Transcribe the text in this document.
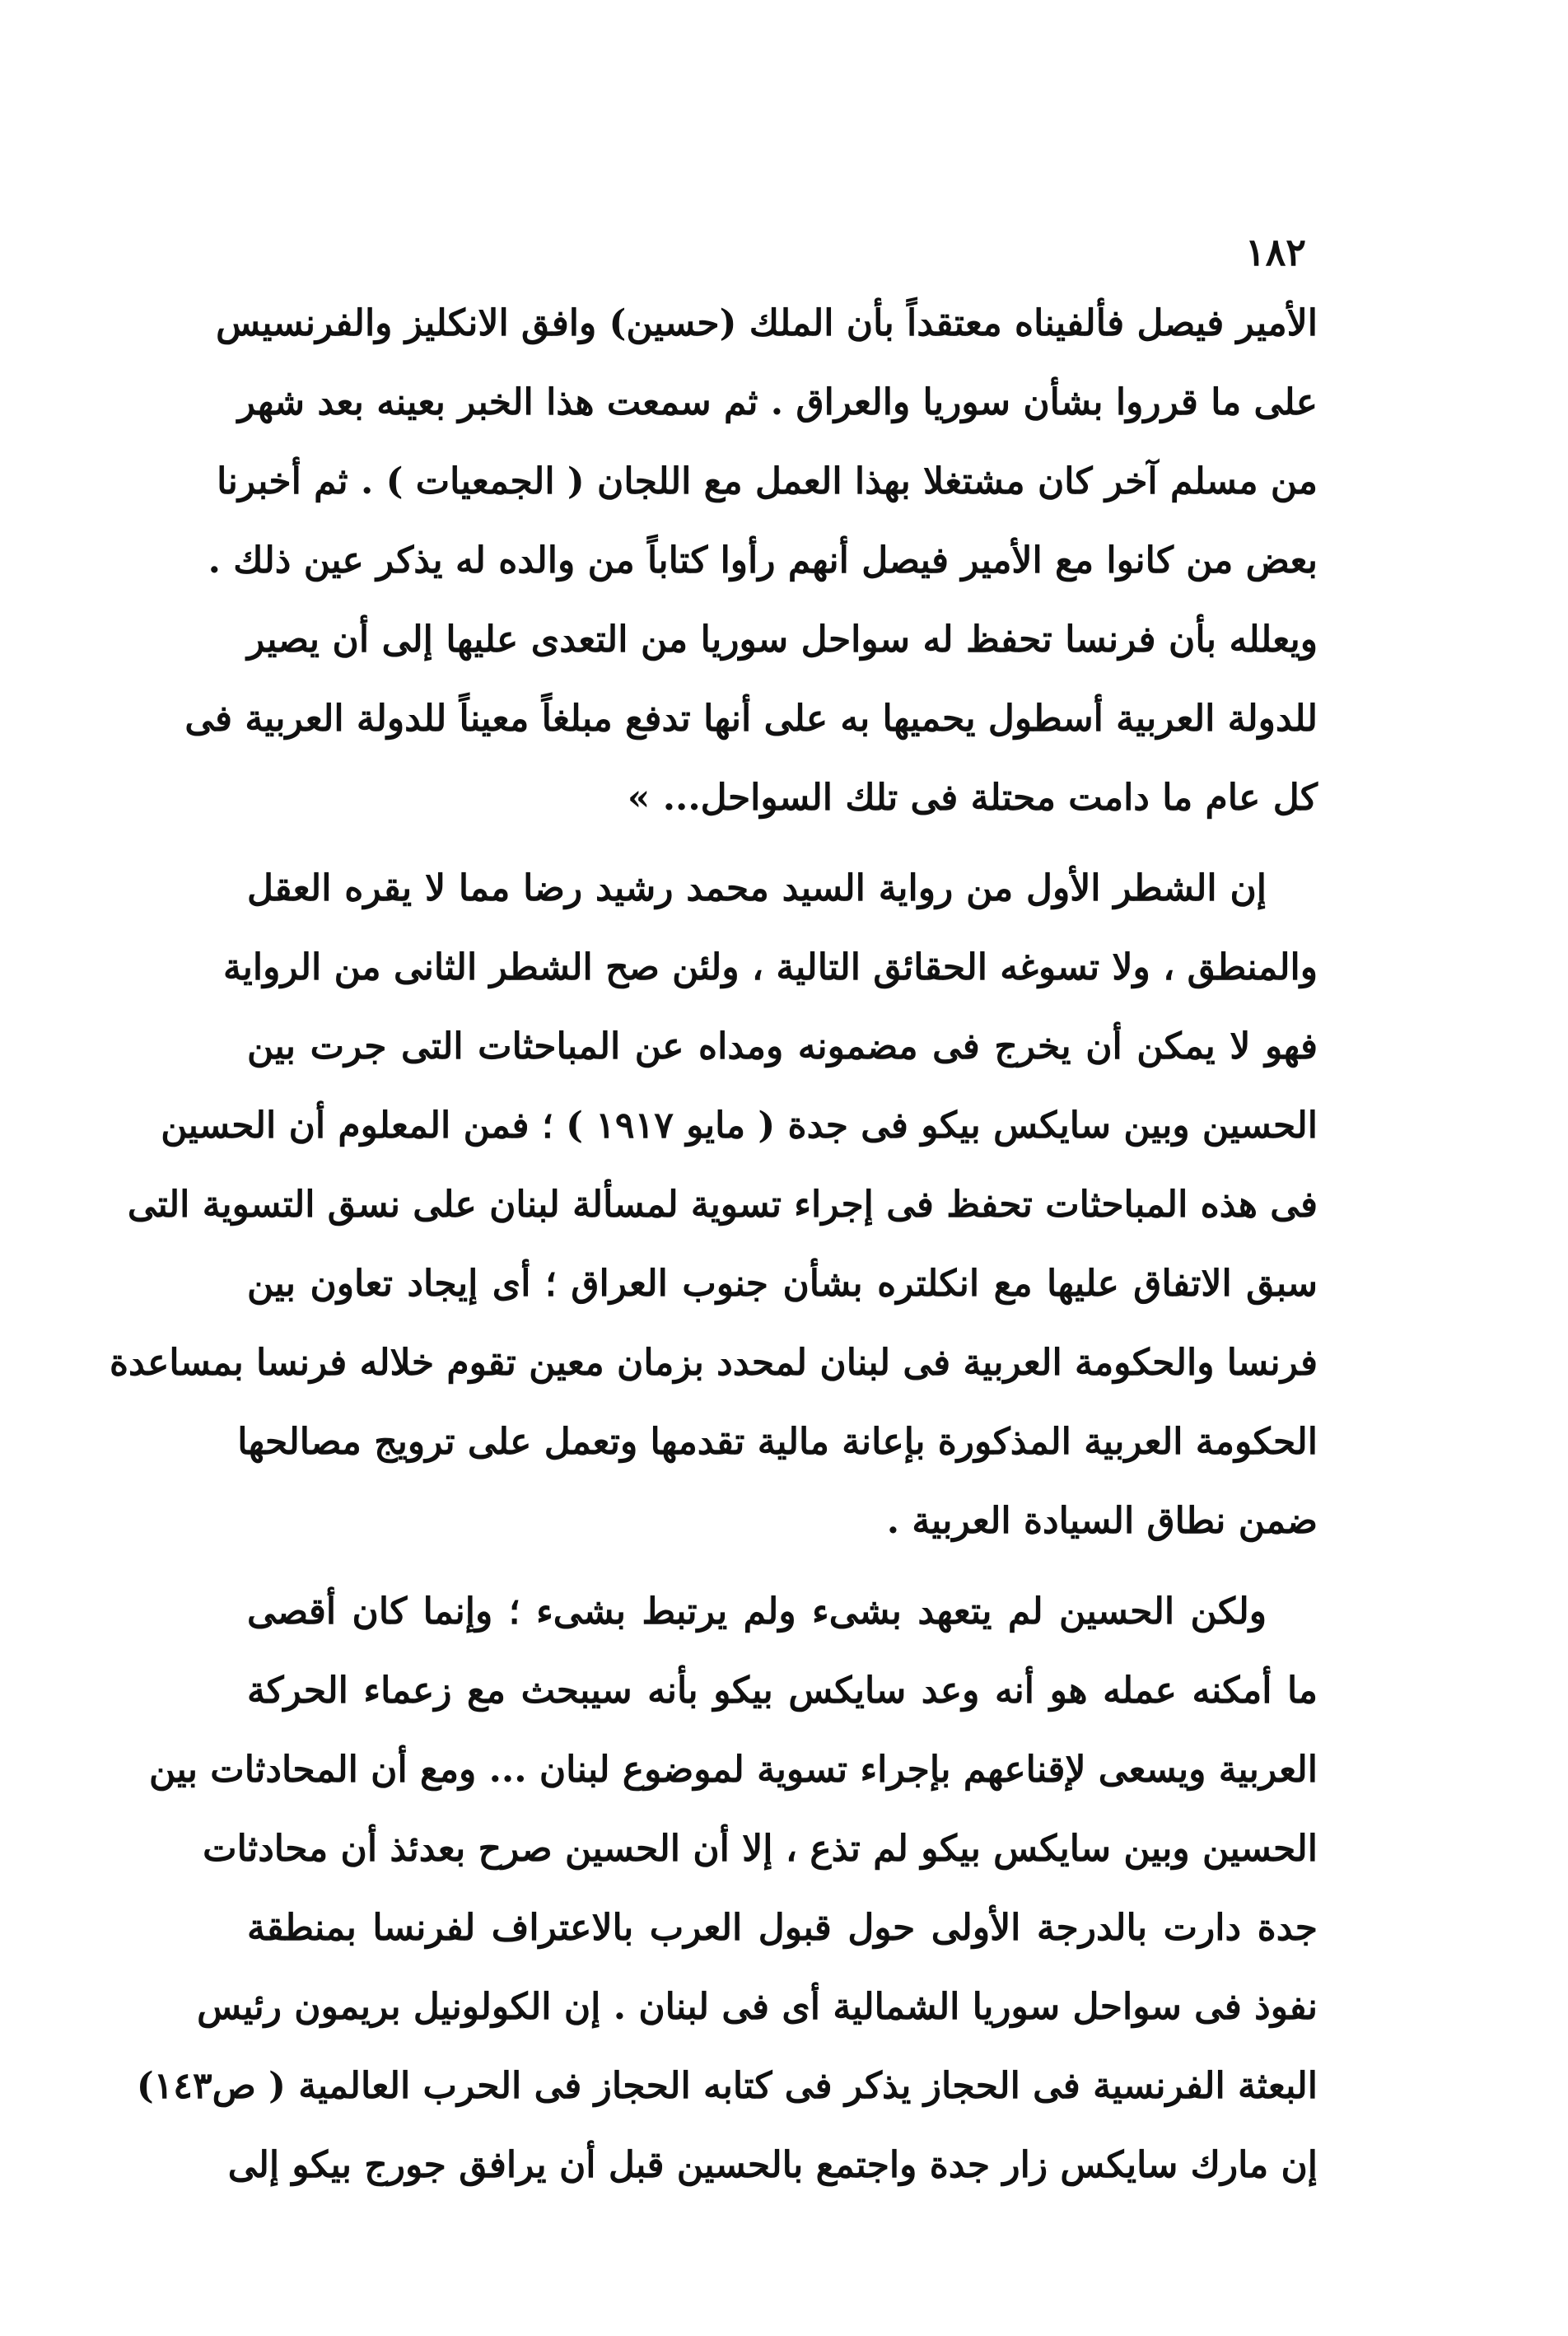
١٨٢
الأمير فيصل فألفيناه معتقداً بأن الملك (حسين) وافق الانكليز والفرنسيس
على ما قرروا بشأن سوريا والعراق . ثم سمعت هذا الخبر بعينه بعد شهر
من مسلم آخر كان مشتغلا بهذا العمل مع اللجان ( الجمعيات ) . ثم أخبرنا
بعض من كانوا مع الأمير فيصل أنهم رأوا كتاباً من والده له يذكر عين ذلك .
ويعلله بأن فرنسا تحفظ له سواحل سوريا من التعدى عليها إلى أن يصير
للدولة العربية أسطول يحميها به على أنها تدفع مبلغاً معيناً للدولة العربية فى
كل عام ما دامت محتلة فى تلك السواحل... »
إن الشطر الأول من رواية السيد محمد رشيد رضا مما لا يقره العقل
والمنطق ، ولا تسوغه الحقائق التالية ، ولئن صح الشطر الثانى من الرواية
فهو لا يمكن أن يخرج فى مضمونه ومداه عن المباحثات التى جرت بين
الحسين وبين سايكس بيكو فى جدة ( مايو ١٩١٧ ) ؛ فمن المعلوم أن الحسين
فى هذه المباحثات تحفظ فى إجراء تسوية لمسألة لبنان على نسق التسوية التى
سبق الاتفاق عليها مع انكلتره بشأن جنوب العراق ؛ أى إيجاد تعاون بين
فرنسا والحكومة العربية فى لبنان لمحدد بزمان معين تقوم خلاله فرنسا بمساعدة
الحكومة العربية المذكورة بإعانة مالية تقدمها وتعمل على ترويج مصالحها
ضمن نطاق السيادة العربية .
ولكن الحسين لم يتعهد بشىء ولم يرتبط بشىء ؛ وإنما كان أقصى
ما أمكنه عمله هو أنه وعد سايكس بيكو بأنه سيبحث مع زعماء الحركة
العربية ويسعى لإقناعهم بإجراء تسوية لموضوع لبنان ... ومع أن المحادثات بين
الحسين وبين سايكس بيكو لم تذع ، إلا أن الحسين صرح بعدئذ أن محادثات
جدة دارت بالدرجة الأولى حول قبول العرب بالاعتراف لفرنسا بمنطقة
نفوذ فى سواحل سوريا الشمالية أى فى لبنان . إن الكولونيل بريمون رئيس
البعثة الفرنسية فى الحجاز يذكر فى كتابه الحجاز فى الحرب العالمية ( ص١٤٣)
إن مارك سايكس زار جدة واجتمع بالحسين قبل أن يرافق جورج بيكو إلى
